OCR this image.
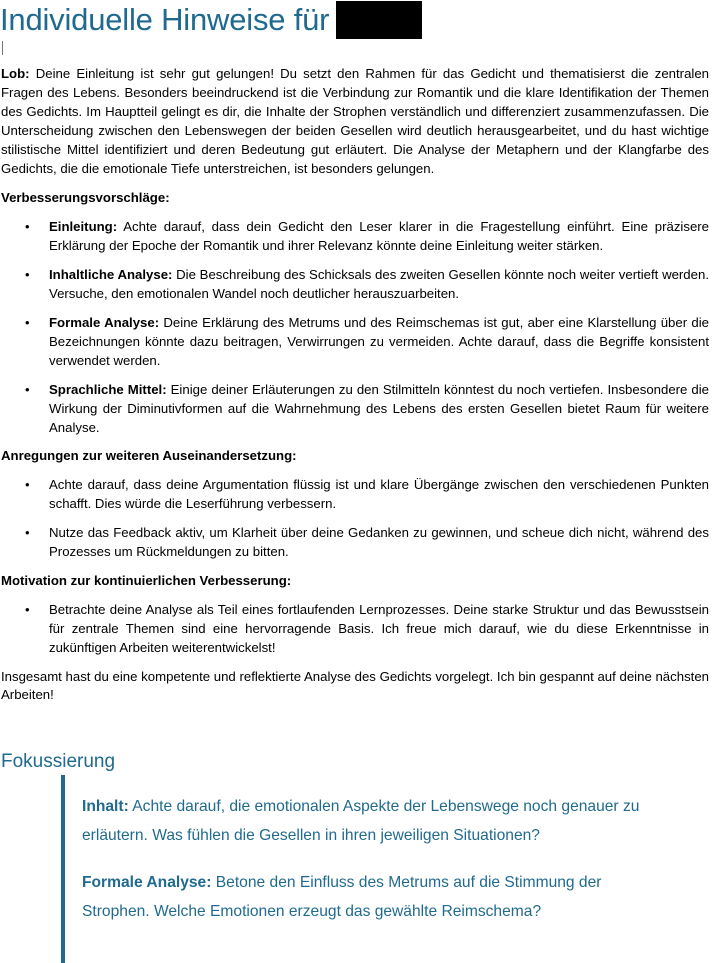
Individuelle Hinweise für

Lob: Deine Einleitung ist sehr gut gelungen! Du setzt den Rahmen für das Gedicht und thematisierst die zentralen Fragen des Lebens. Besonders beeindruckend ist die Verbindung zur Romantik und die klare Identifikation der Themen des Gedichts. Im Hauptteil gelingt es dir, die Inhalte der Strophen verständlich und differenziert zusammenzufassen. Die Unterscheidung zwischen den Lebenswegen der beiden Gesellen wird deutlich herausgearbeitet, und du hast wichtige stilistische Mittel identifiziert und deren Bedeutung gut erläutert. Die Analyse der Metaphern und der Klangfarbe des Gedichts, die die emotionale Tiefe unterstreichen, ist besonders gelungen.

Verbesserungsvorschläge:

• Einleitung: Achte darauf, dass dein Gedicht den Leser klarer in die Fragestellung einführt. Eine präzisere Erklärung der Epoche der Romantik und ihrer Relevanz könnte deine Einleitung weiter stärken.
• Inhaltliche Analyse: Die Beschreibung des Schicksals des zweiten Gesellen könnte noch weiter vertieft werden. Versuche, den emotionalen Wandel noch deutlicher herauszuarbeiten.
• Formale Analyse: Deine Erklärung des Metrums und des Reimschemas ist gut, aber eine Klarstellung über die Bezeichnungen könnte dazu beitragen, Verwirrungen zu vermeiden. Achte darauf, dass die Begriffe konsistent verwendet werden.
• Sprachliche Mittel: Einige deiner Erläuterungen zu den Stilmitteln könntest du noch vertiefen. Insbesondere die Wirkung der Diminutivformen auf die Wahrnehmung des Lebens des ersten Gesellen bietet Raum für weitere Analyse.

Anregungen zur weiteren Auseinandersetzung:

• Achte darauf, dass deine Argumentation flüssig ist und klare Übergänge zwischen den verschiedenen Punkten schafft. Dies würde die Leserführung verbessern.
• Nutze das Feedback aktiv, um Klarheit über deine Gedanken zu gewinnen, und scheue dich nicht, während des Prozesses um Rückmeldungen zu bitten.

Motivation zur kontinuierlichen Verbesserung:

• Betrachte deine Analyse als Teil eines fortlaufenden Lernprozesses. Deine starke Struktur und das Bewusstsein für zentrale Themen sind eine hervorragende Basis. Ich freue mich darauf, wie du diese Erkenntnisse in zukünftigen Arbeiten weiterentwickelst!

Insgesamt hast du eine kompetente und reflektierte Analyse des Gedichts vorgelegt. Ich bin gespannt auf deine nächsten Arbeiten!

Fokussierung

Inhalt: Achte darauf, die emotionalen Aspekte der Lebenswege noch genauer zu erläutern. Was fühlen die Gesellen in ihren jeweiligen Situationen?

Formale Analyse: Betone den Einfluss des Metrums auf die Stimmung der Strophen. Welche Emotionen erzeugt das gewählte Reimschema?
